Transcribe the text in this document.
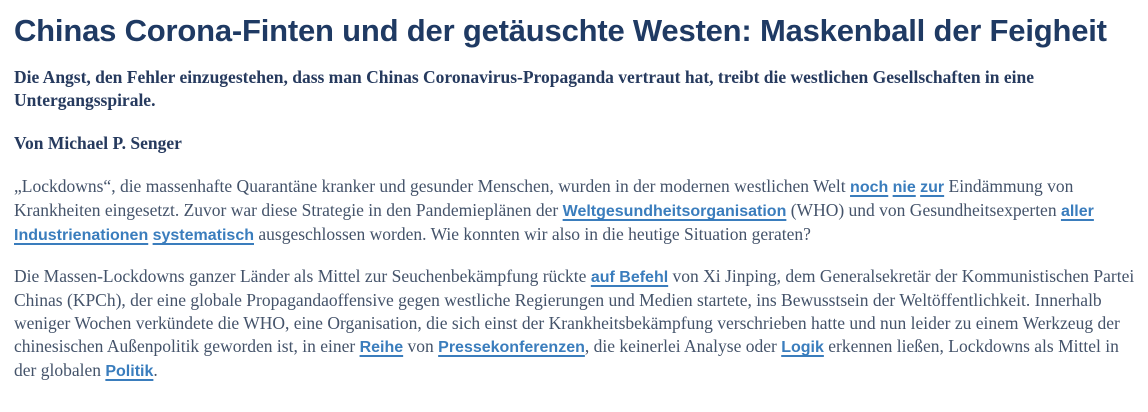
Chinas Corona-Finten und der getäuschte Westen: Maskenball der Feigheit

Die Angst, den Fehler einzugestehen, dass man Chinas Coronavirus-Propaganda vertraut hat, treibt die westlichen Gesellschaften in eine Untergangsspirale.

Von Michael P. Senger

„Lockdowns“, die massenhafte Quarantäne kranker und gesunder Menschen, wurden in der modernen westlichen Welt noch nie zur Eindämmung von Krankheiten eingesetzt. Zuvor war diese Strategie in den Pandemieplänen der Weltgesundheitsorganisation (WHO) und von Gesundheitsexperten aller Industrienationen systematisch ausgeschlossen worden. Wie konnten wir also in die heutige Situation geraten?

Die Massen-Lockdowns ganzer Länder als Mittel zur Seuchenbekämpfung rückte auf Befehl von Xi Jinping, dem Generalsekretär der Kommunistischen Partei Chinas (KPCh), der eine globale Propagandaoffensive gegen westliche Regierungen und Medien startete, ins Bewusstsein der Weltöffentlichkeit. Innerhalb weniger Wochen verkündete die WHO, eine Organisation, die sich einst der Krankheitsbekämpfung verschrieben hatte und nun leider zu einem Werkzeug der chinesischen Außenpolitik geworden ist, in einer Reihe von Pressekonferenzen, die keinerlei Analyse oder Logik erkennen ließen, Lockdowns als Mittel in der globalen Politik.
